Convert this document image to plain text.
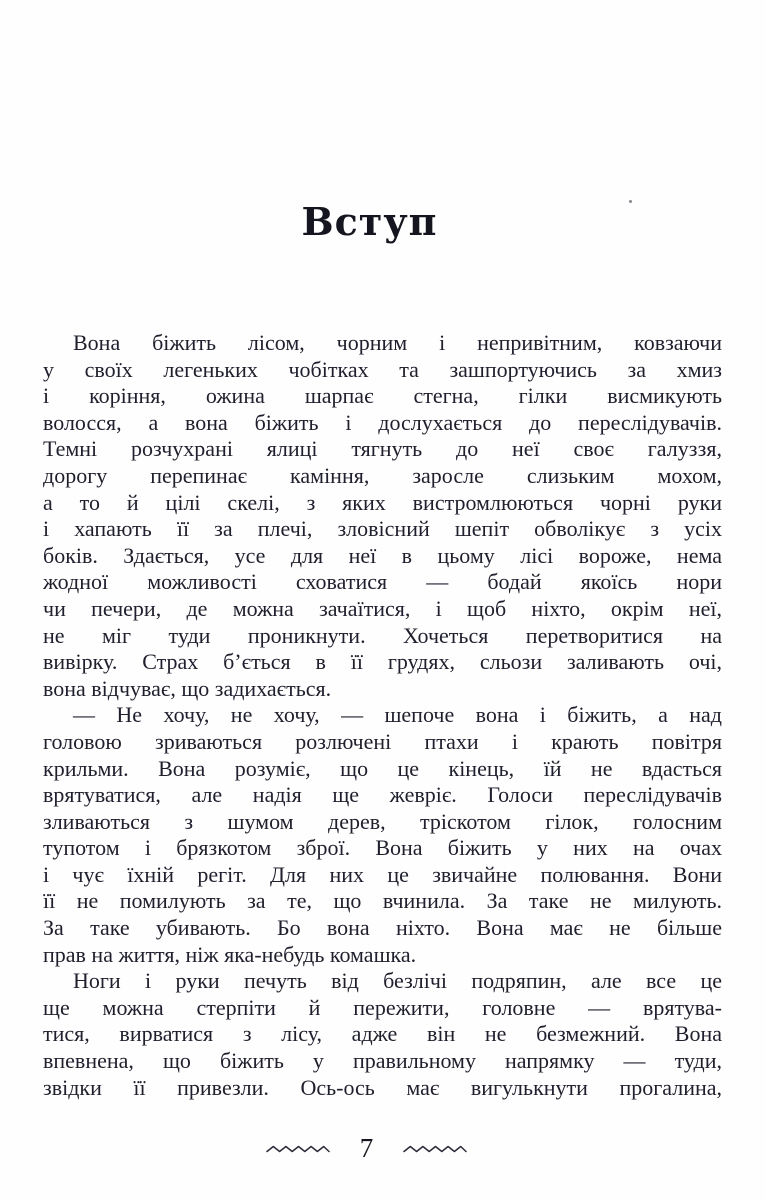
Вступ
Вона біжить лісом, чорним і непривітним, ковзаючи
у своїх легеньких чобітках та зашпортуючись за хмиз
і коріння, ожина шарпає стегна, гілки висмикують
волосся, а вона біжить і дослухається до переслідувачів.
Темні розчухрані ялиці тягнуть до неї своє галуззя,
дорогу перепинає каміння, заросле слизьким мохом,
а то й цілі скелі, з яких вистромлюються чорні руки
і хапають її за плечі, зловісний шепіт обволікує з усіх
боків. Здається, усе для неї в цьому лісі вороже, нема
жодної можливості сховатися — бодай якоїсь нори
чи печери, де можна зачаїтися, і щоб ніхто, окрім неї,
не міг туди проникнути. Хочеться перетворитися на
вивірку. Страх б’ється в її грудях, сльози заливають очі,
вона відчуває, що задихається.
— Не хочу, не хочу, — шепоче вона і біжить, а над
головою зриваються розлючені птахи і крають повітря
крильми. Вона розуміє, що це кінець, їй не вдасться
врятуватися, але надія ще жевріє. Голоси переслідувачів
зливаються з шумом дерев, тріскотом гілок, голосним
тупотом і брязкотом зброї. Вона біжить у них на очах
і чує їхній регіт. Для них це звичайне полювання. Вони
її не помилують за те, що вчинила. За таке не милують.
За таке убивають. Бо вона ніхто. Вона має не більше
прав на життя, ніж яка-небудь комашка.
Ноги і руки печуть від безлічі подряпин, але все це
ще можна стерпіти й пережити, головне — врятува-
тися, вирватися з лісу, адже він не безмежний. Вона
впевнена, що біжить у правильному напрямку — туди,
звідки її привезли. Ось-ось має вигулькнути прогалина,
7
